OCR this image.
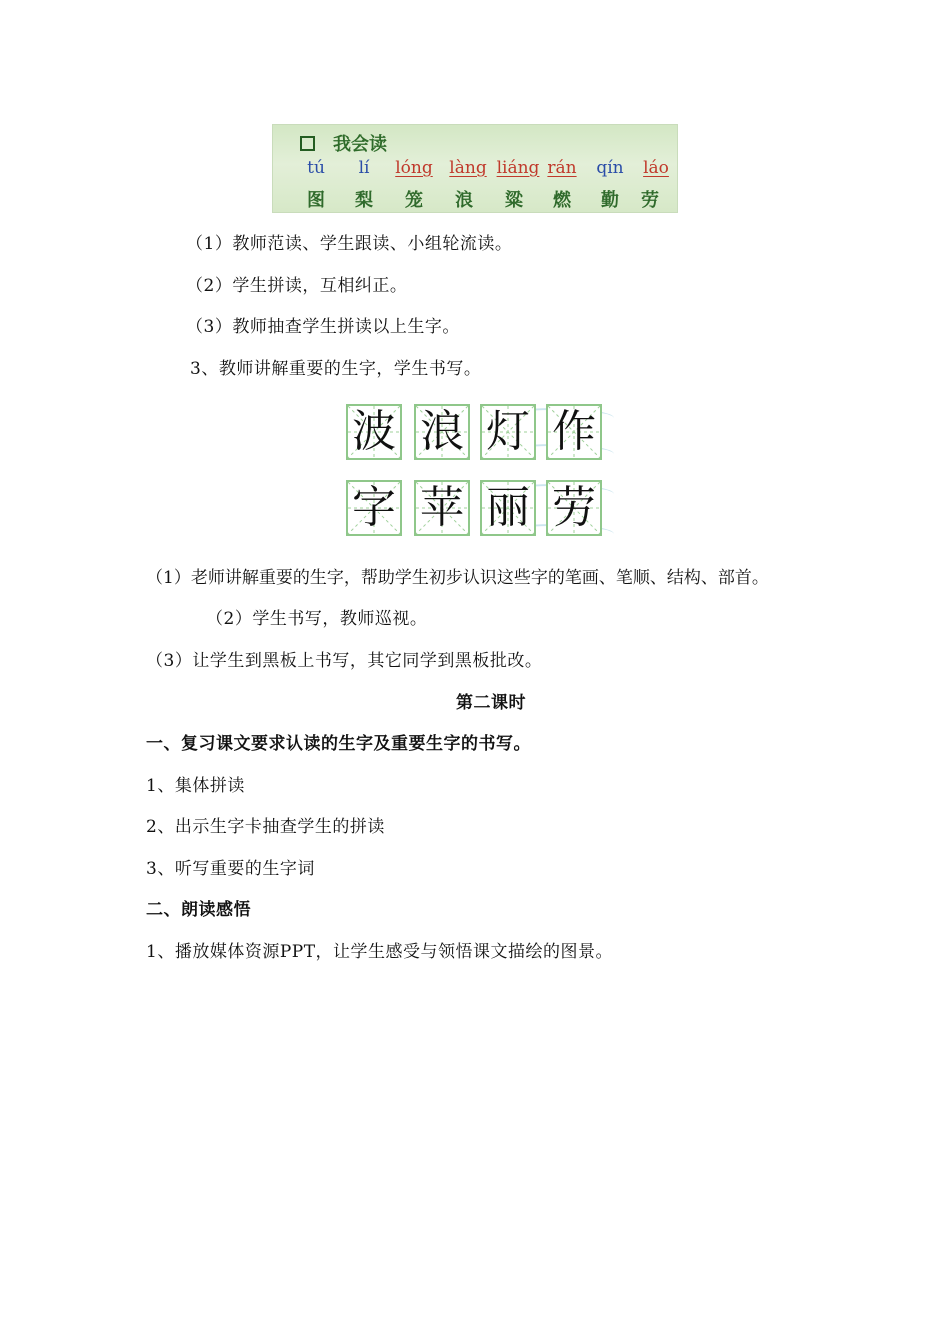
我会读
tú	lí	lóng làng liáng rán	qín	láo
图	梨	笼	浪	粱	燃	勤	劳
（1）教师范读、学生跟读、小组轮流读。
（2）学生拼读，互相纠正。
（3）教师抽查学生拼读以上生字。
3、教师讲解重要的生字，学生书写。
波 浪 灯 作
字 苹 丽 劳
（1）老师讲解重要的生字，帮助学生初步认识这些字的笔画、笔顺、结构、部首。
（2）学生书写，教师巡视。
（3）让学生到黑板上书写，其它同学到黑板批改。
第二课时
一、复习课文要求认读的生字及重要生字的书写。
1、集体拼读
2、出示生字卡抽查学生的拼读
3、听写重要的生字词
二、朗读感悟
1、播放媒体资源PPT，让学生感受与领悟课文描绘的图景。
